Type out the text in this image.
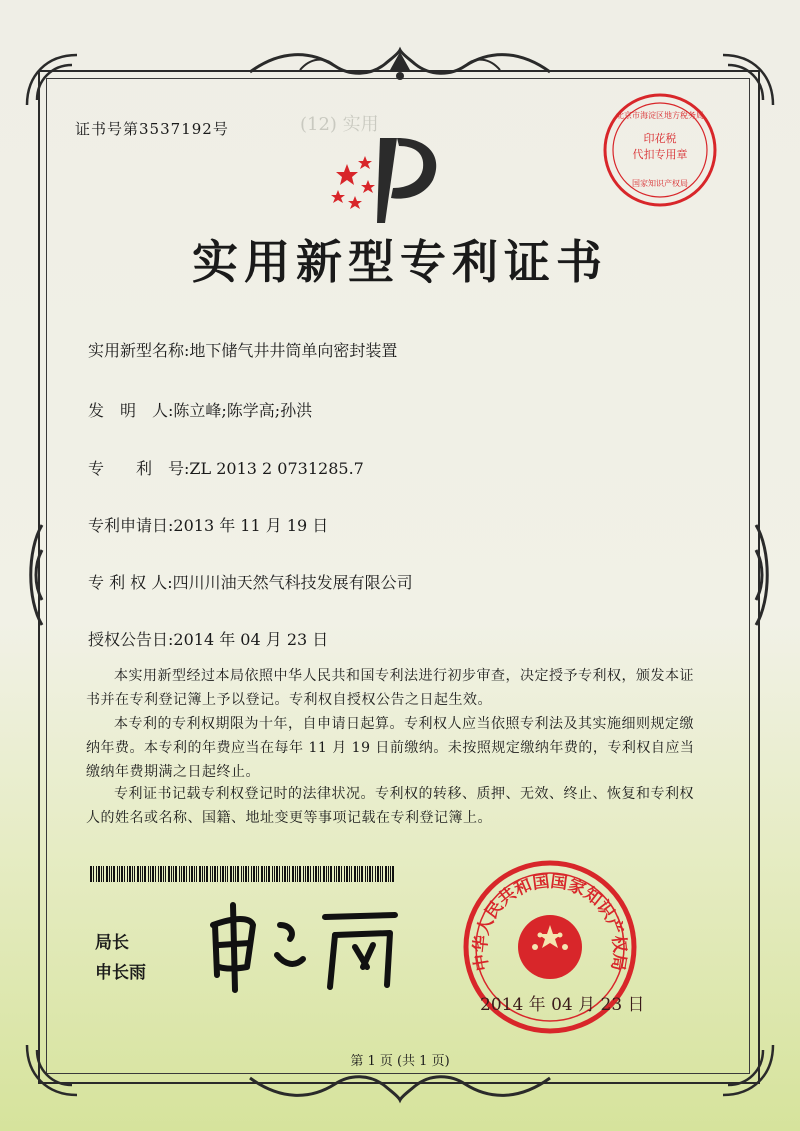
证书号第3537192号	(12) 实用
印花税
代扣专用章
北京市海淀区地方税务局
国家知识产权局
实用新型专利证书
实用新型名称:地下储气井井筒单向密封装置
发　明　人:陈立峰;陈学高;孙洪
专　　利　号:ZL 2013 2 0731285.7
专利申请日:2013 年 11 月 19 日
专 利 权 人:四川川油天然气科技发展有限公司
授权公告日:2014 年 04 月 23 日
本实用新型经过本局依照中华人民共和国专利法进行初步审查，决定授予专利权，颁发本证书并在专利登记簿上予以登记。专利权自授权公告之日起生效。
本专利的专利权期限为十年，自申请日起算。专利权人应当依照专利法及其实施细则规定缴纳年费。本专利的年费应当在每年 11 月 19 日前缴纳。未按照规定缴纳年费的，专利权自应当缴纳年费期满之日起终止。
专利证书记载专利权登记时的法律状况。专利权的转移、质押、无效、终止、恢复和专利权人的姓名或名称、国籍、地址变更等事项记载在专利登记簿上。
局长
申长雨
中华人民共和国国家知识产权局
2014 年 04 月 23 日
第 1 页 (共 1 页)
